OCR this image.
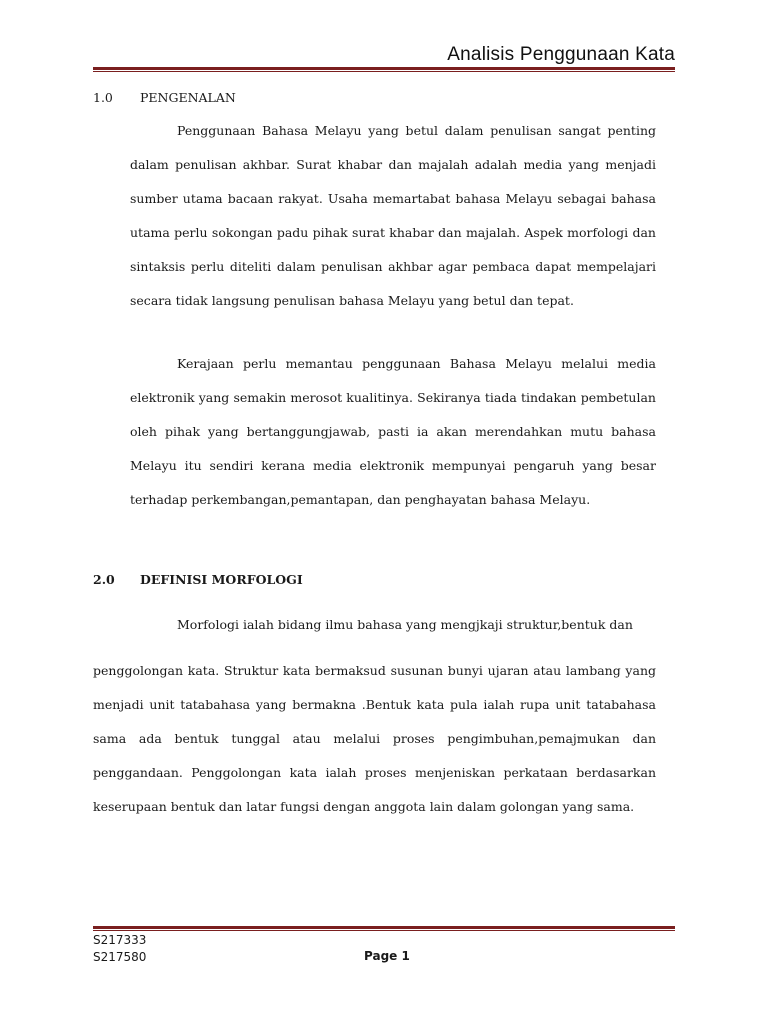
Analisis Penggunaan Kata
1.0 PENGENALAN

Penggunaan Bahasa Melayu yang betul dalam penulisan sangat penting dalam penulisan akhbar. Surat khabar dan majalah adalah media yang menjadi sumber utama bacaan rakyat. Usaha memartabat bahasa Melayu sebagai bahasa utama perlu sokongan padu pihak surat khabar dan majalah. Aspek morfologi dan sintaksis perlu diteliti dalam penulisan akhbar agar pembaca dapat mempelajari secara tidak langsung penulisan bahasa Melayu yang betul dan tepat.

Kerajaan perlu memantau penggunaan Bahasa Melayu melalui media elektronik yang semakin merosot kualitinya. Sekiranya tiada tindakan pembetulan oleh pihak yang bertanggungjawab, pasti ia akan merendahkan mutu bahasa Melayu itu sendiri kerana media elektronik mempunyai pengaruh yang besar terhadap perkembangan,pemantapan, dan penghayatan bahasa Melayu.

2.0 DEFINISI MORFOLOGI
Morfologi ialah bidang ilmu bahasa yang mengjkaji struktur,bentuk dan

penggolongan kata. Struktur kata bermaksud susunan bunyi ujaran atau lambang yang menjadi unit tatabahasa yang bermakna .Bentuk kata pula ialah rupa unit tatabahasa sama ada bentuk tunggal atau melalui proses pengimbuhan,pemajmukan dan penggandaan. Penggolongan kata ialah proses menjeniskan perkataan berdasarkan keserupaan bentuk dan latar fungsi dengan anggota lain dalam golongan yang sama.

S217333
S217580	Page 1
